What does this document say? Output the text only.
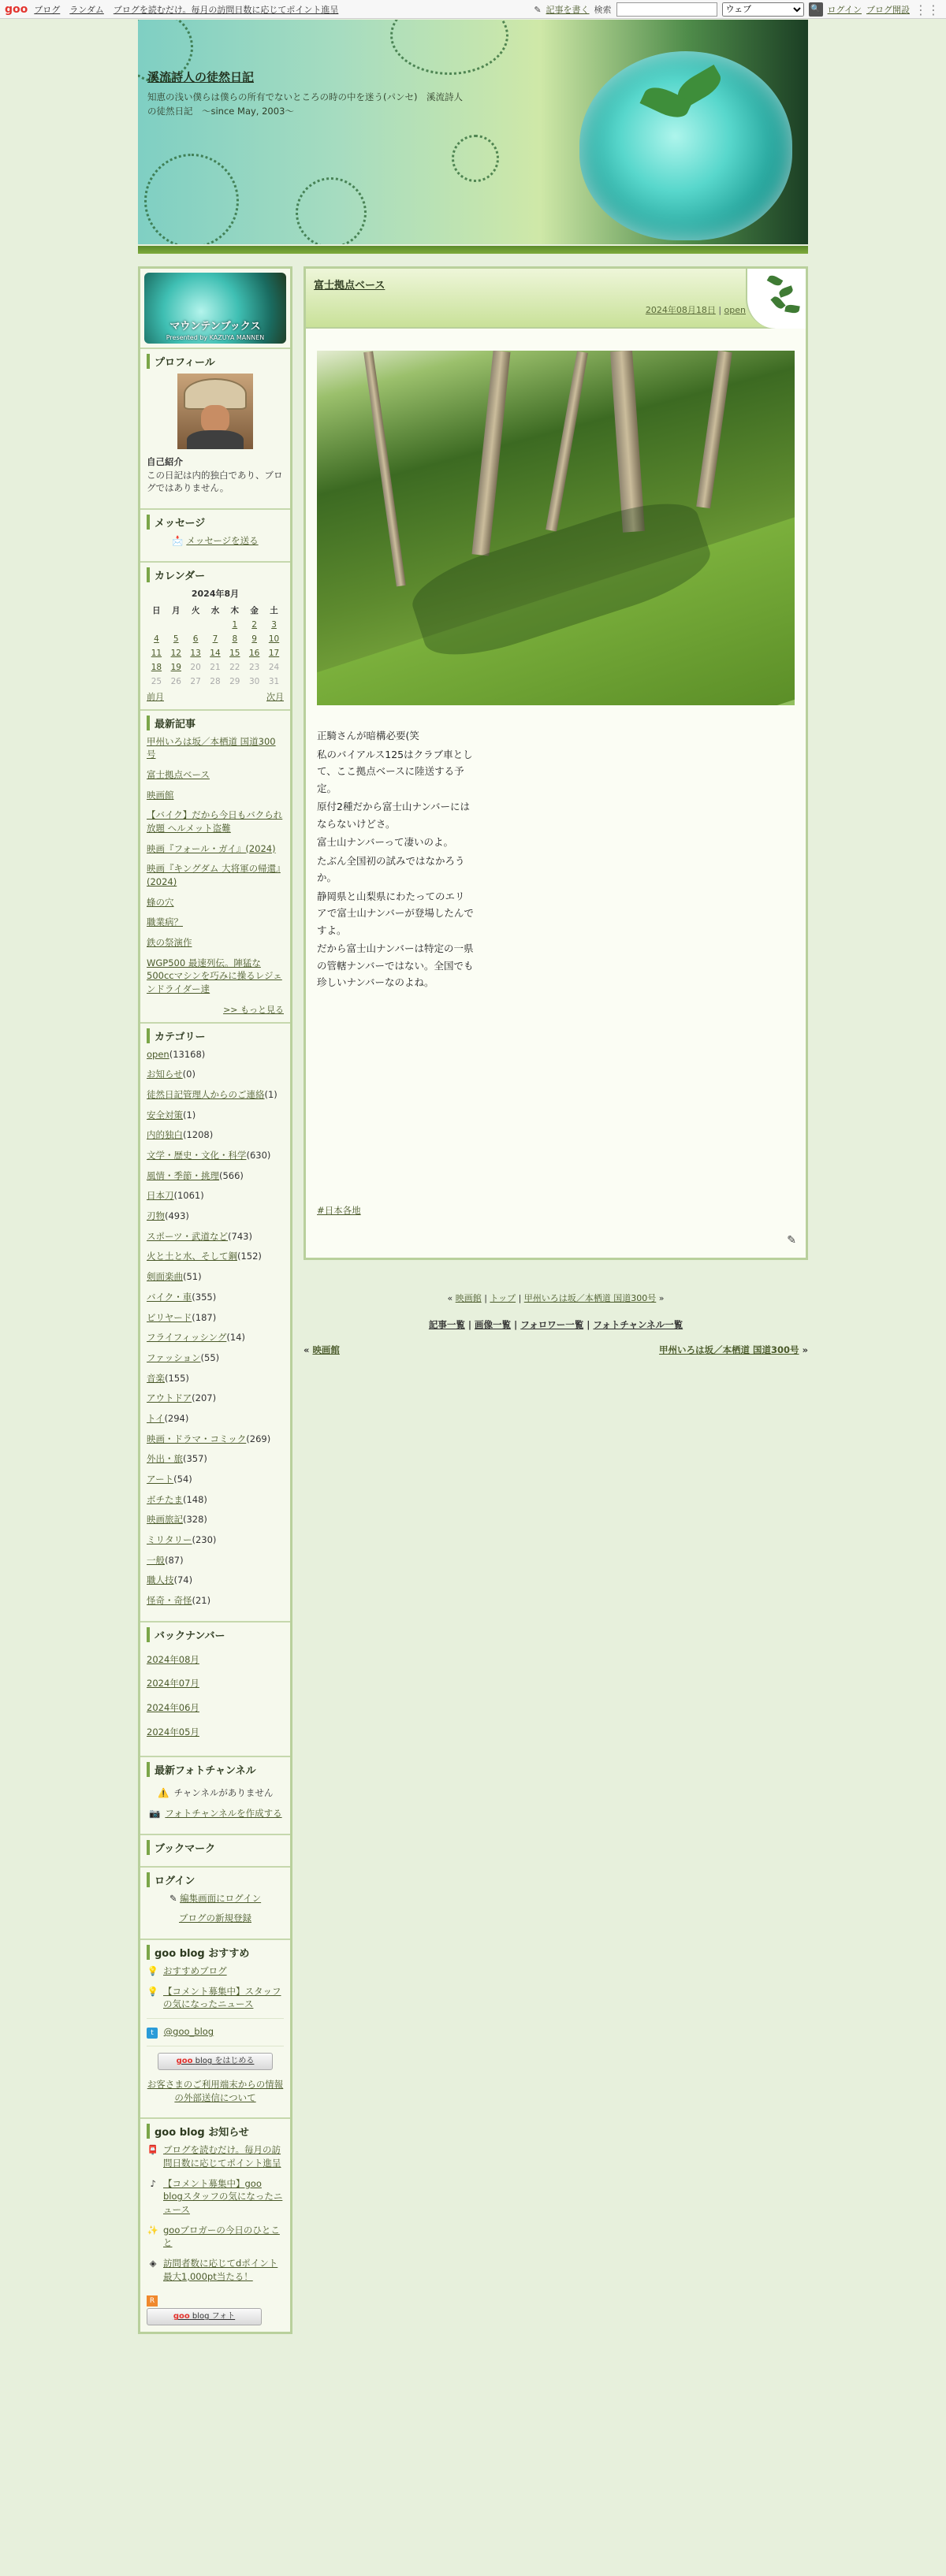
goo ブログ ランダム ブログを読むだけ。毎月の訪問日数に応じてポイント進呈	✎ 記事を書く 検索
ウェブ	🔍 ログイン ブログ開設 ⋮⋮
溪流詩人の徒然日記
知恵の浅い僕らは僕らの所有でないところの時の中を迷う(パンセ)　溪流詩人の徒然日記　〜since May, 2003〜
マウンテンブックス
Presented by KAZUYA MANNEN
プロフィール
自己紹介
この日記は内的独白であり、ブログではありません。
メッセージ
📩 メッセージを送る
カレンダー
2024年8月
日	月	火	水	木	金	土
				1	2	3
4	5	6	7	8	9	10
11	12	13	14	15	16	17
18	19	20	21	22	23	24
25	26	27	28	29	30	31
前月	次月
最新記事
甲州いろは坂／本栖道 国道300号
富士拠点ベース
映画館
【バイク】だから今日もバクられ放題 ヘルメット盗難
映画『フォール・ガイ』(2024)
映画『キングダム 大将軍の帰還』(2024)
蜂の穴
職業病？
鉄の祭演作
WGP500 最速列伝。陣猛な500ccマシンを巧みに操るレジェンドライダー達
>> もっと見る
カテゴリー
open(13168)
お知らせ(0)
徒然日記管理人からのご連絡(1)
安全対策(1)
内的独白(1208)
文学・歴史・文化・科学(630)
風情・季節・挑理(566)
日本刀(1061)
刃物(493)
スポーツ・武道など(743)
火と土と水、そして鋼(152)
剣面楽曲(51)
バイク・車(355)
ビリヤード(187)
フライフィッシング(14)
ファッション(55)
音楽(155)
アウトドア(207)
トイ(294)
映画・ドラマ・コミック(269)
外出・旅(357)
アート(54)
ボチたま(148)
映画旅記(328)
ミリタリー(230)
一般(87)
職人技(74)
怪奇・奇怪(21)
バックナンバー
2024年08月
2024年07月
2024年06月
2024年05月
最新フォトチャンネル
⚠️ チャンネルがありません
📷 フォトチャンネルを作成する
ブックマーク
ログイン
✎ 編集画面にログイン
ブログの新規登録
goo blog おすすめ
💡 おすすめブログ
💡 【コメント募集中】スタッフの気になったニュース
t @goo_blog
goo blog をはじめる
お客さまのご利用端末からの情報の外部送信について
goo blog お知らせ
📮 ブログを読むだけ。毎月の訪問日数に応じてポイント進呈
♪ 【コメント募集中】goo blogスタッフの気になったニュース
✨ gooブロガーの今日のひとこと
◈ 訪問者数に応じてdポイント最大1,000pt当たる！
R
goo blog フォト
富士拠点ベース
2024年08月18日 | open

正騎さんが暗構必要(笑

私のバイアルス125はクラブ車として、ここ拠点ベースに陸送する予定。

原付2種だから富士山ナンバーにはならないけどさ。

富士山ナンバーって凄いのよ。

たぶん全国初の試みではなかろうか。

静岡県と山梨県にわたってのエリアで富士山ナンバーが登場したんですよ。

だから富士山ナンバーは特定の一県の管轄ナンバーではない。全国でも珍しいナンバーなのよね。

#日本各地
✎
« 映画館 | トップ | 甲州いろは坂／本栖道 国道300号 »
記事一覧 | 画像一覧 | フォロワー一覧 | フォトチャンネル一覧
« 映画館	甲州いろは坂／本栖道 国道300号 »
